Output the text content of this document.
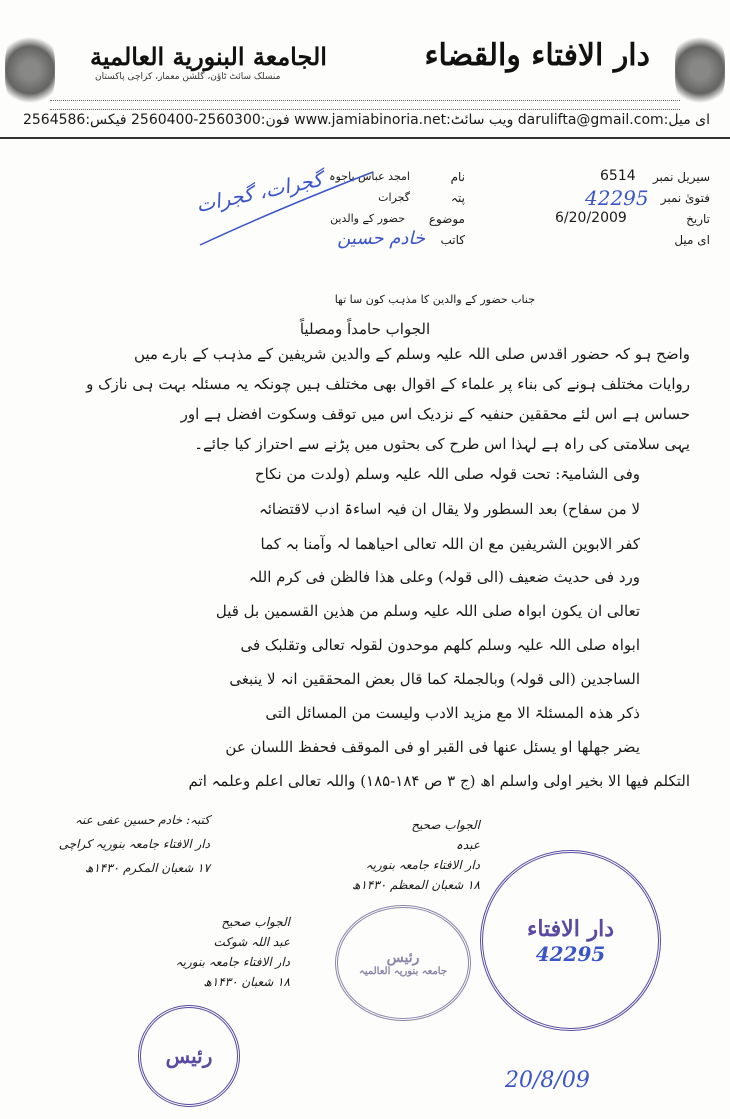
دار الافتاء والقضاء
الجامعة البنورية العالمية
منسلک سائٹ ٹاؤن، گلشن معمار، کراچی پاکستان
ای میل:darulifta@gmail.com ویب سائٹ:www.jamiabinoria.net فون:2560300-2560400 فیکس:2564586
سیریل نمبر
6514
فتویٰ نمبر
42295
تاریخ
6/20/2009
ای میل
نام
امجد عباس باجوہ
پتہ
گجرات
موضوع
حضور کے والدین
کاتب
خادم حسین
گجرات، گجرات
جناب حضور کے والدین کا مذہب کون سا تھا
الجواب حامداً ومصلیاً
واضح ہو کہ حضور اقدس صلی اللہ علیہ وسلم کے والدین شریفین کے مذہب کے بارے میں
روایات مختلف ہونے کی بناء پر علماء کے اقوال بھی مختلف ہیں چونکہ یہ مسئلہ بہت ہی نازک و
حساس ہے اس لئے محققین حنفیہ کے نزدیک اس میں توقف وسکوت افضل ہے اور
یہی سلامتی کی راہ ہے لہذا اس طرح کی بحثوں میں پڑنے سے احتراز کیا جائے۔
وفی الشامیۃ: تحت قولہ صلی اللہ علیہ وسلم (ولدت من نکاح
لا من سفاح) بعد السطور ولا یقال ان فیہ اساءۃ ادب لاقتضائہ
کفر الابوین الشریفین مع ان اللہ تعالی احیاھما لہ وآمنا بہ کما
ورد فی حدیث ضعیف (الی قولہ) وعلی ھذا فالظن فی کرم اللہ
تعالی ان یکون ابواہ صلی اللہ علیہ وسلم من ھذین القسمین بل قیل
ابواہ صلی اللہ علیہ وسلم کلھم موحدون لقولہ تعالی وتقلبک فی
الساجدین (الی قولہ) وبالجملۃ کما قال بعض المحققین انہ لا ینبغی
ذکر ھذہ المسئلۃ الا مع مزید الادب ولیست من المسائل التی
یضر جھلھا او یسئل عنھا فی القبر او فی الموقف فحفظ اللسان عن
التکلم فیھا الا بخیر اولی واسلم اھ (ج ۳ ص ۱۸۴-۱۸۵) واللہ تعالی اعلم وعلمہ اتم
کتبہ: خادم حسین عفی عنہ
دار الافتاء جامعہ بنوریہ کراچی
۱۷ شعبان المکرم ۱۴۳۰ھ
الجواب صحیح
عبدہ
دار الافتاء جامعہ بنوریہ
۱۸ شعبان المعظم ۱۴۳۰ھ
الجواب صحیح
عبد اللہ شوکت
دار الافتاء جامعہ بنوریہ
۱۸ شعبان ۱۴۳۰ھ
رئیس
رئیس
جامعہ بنوریہ العالمیہ
دار الافتاء
42295
20/8/09
